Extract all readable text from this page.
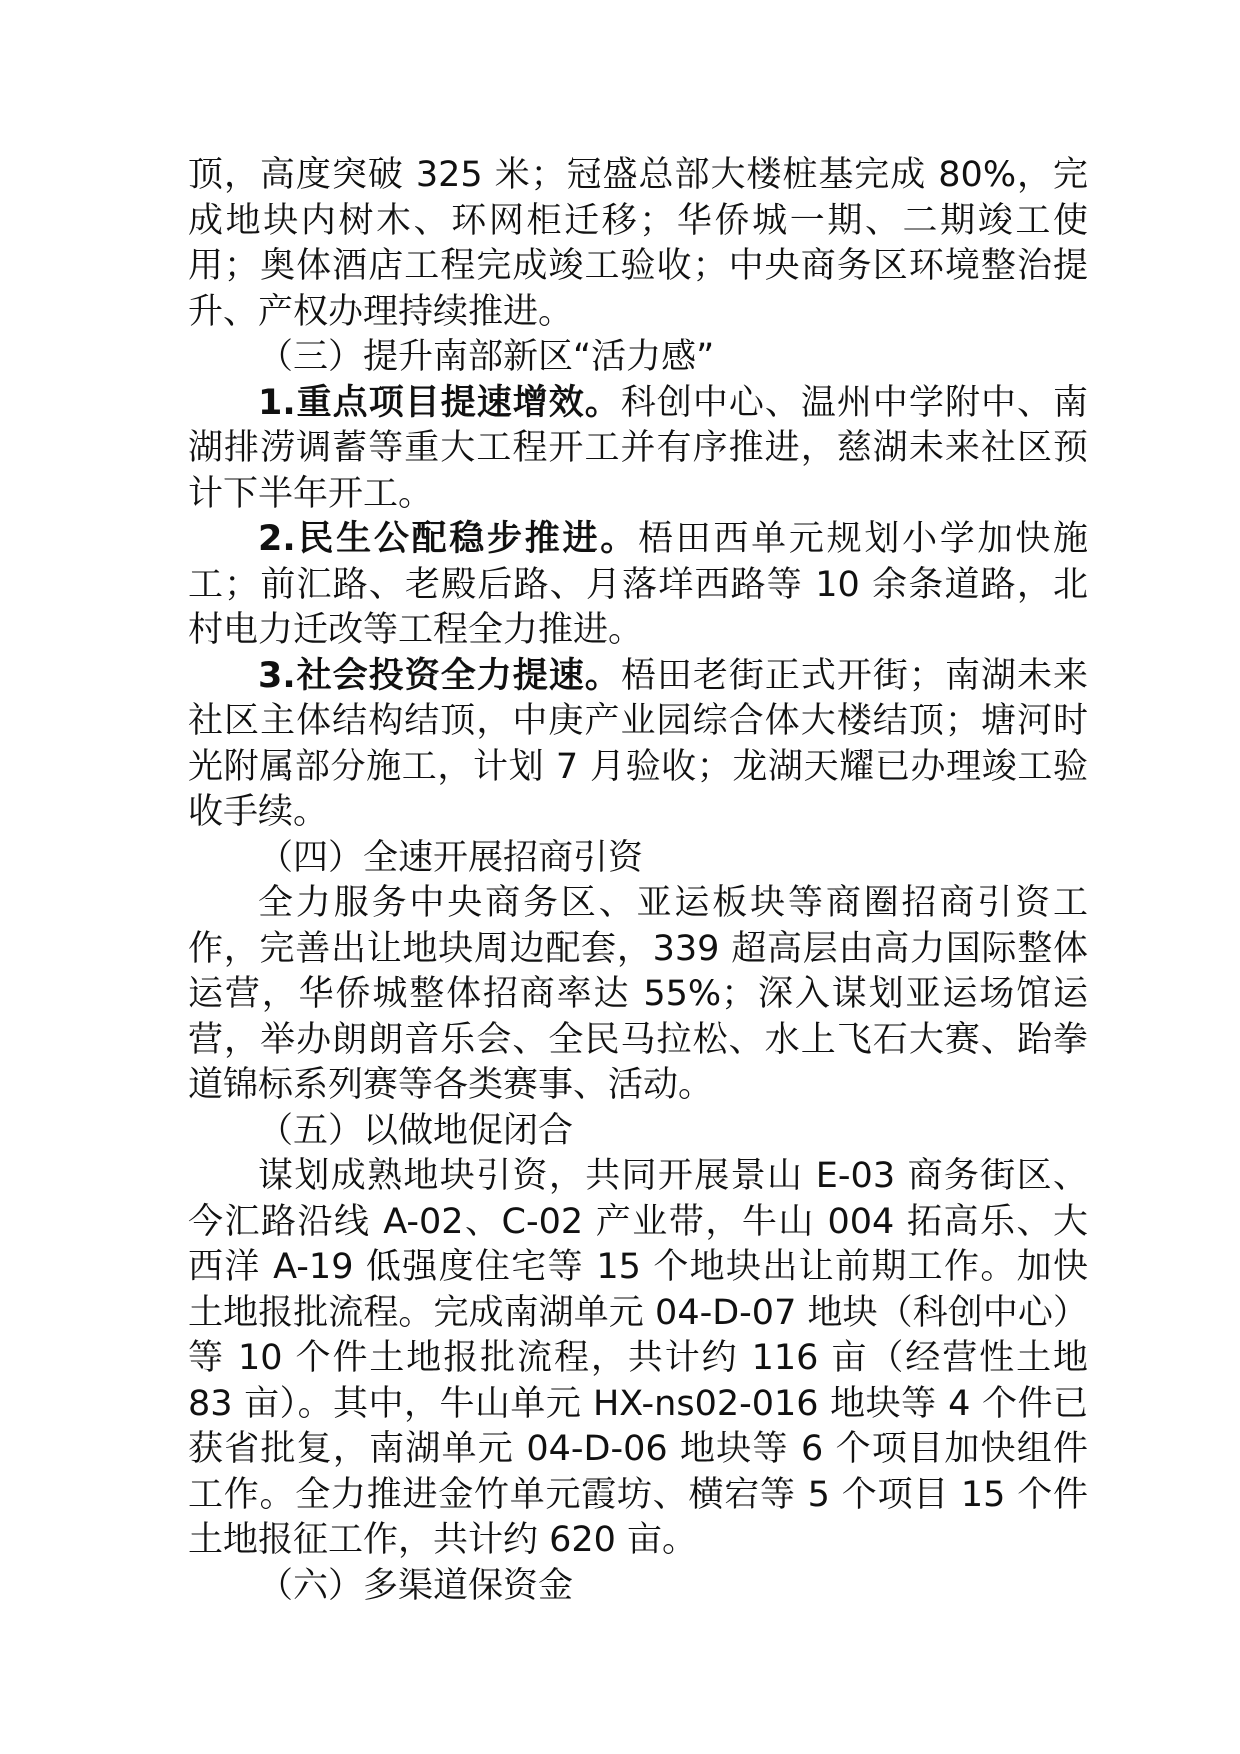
顶，高度突破 325 米；冠盛总部大楼桩基完成 80%，完成地块内树木、环网柜迁移；华侨城一期、二期竣工使用；奥体酒店工程完成竣工验收；中央商务区环境整治提升、产权办理持续推进。

（三）提升南部新区“活力感”

1.重点项目提速增效。科创中心、温州中学附中、南湖排涝调蓄等重大工程开工并有序推进，慈湖未来社区预计下半年开工。

2.民生公配稳步推进。梧田西单元规划小学加快施工；前汇路、老殿后路、月落垟西路等 10 余条道路，北村电力迁改等工程全力推进。

3.社会投资全力提速。梧田老街正式开街；南湖未来社区主体结构结顶，中庚产业园综合体大楼结顶；塘河时光附属部分施工，计划 7 月验收；龙湖天耀已办理竣工验收手续。

（四）全速开展招商引资

全力服务中央商务区、亚运板块等商圈招商引资工作，完善出让地块周边配套，339 超高层由高力国际整体运营，华侨城整体招商率达 55%；深入谋划亚运场馆运营，举办朗朗音乐会、全民马拉松、水上飞石大赛、跆拳道锦标系列赛等各类赛事、活动。

（五）以做地促闭合

谋划成熟地块引资，共同开展景山 E-03 商务街区、今汇路沿线 A-02、C-02 产业带，牛山 004 拓高乐、大西洋 A-19 低强度住宅等 15 个地块出让前期工作。加快土地报批流程。完成南湖单元 04-D-07 地块（科创中心）等 10 个件土地报批流程，共计约 116 亩（经营性土地 83 亩）。其中，牛山单元 HX-ns02-016 地块等 4 个件已获省批复，南湖单元 04-D-06 地块等 6 个项目加快组件工作。全力推进金竹单元霞坊、横宕等 5 个项目 15 个件土地报征工作，共计约 620 亩。

（六）多渠道保资金
